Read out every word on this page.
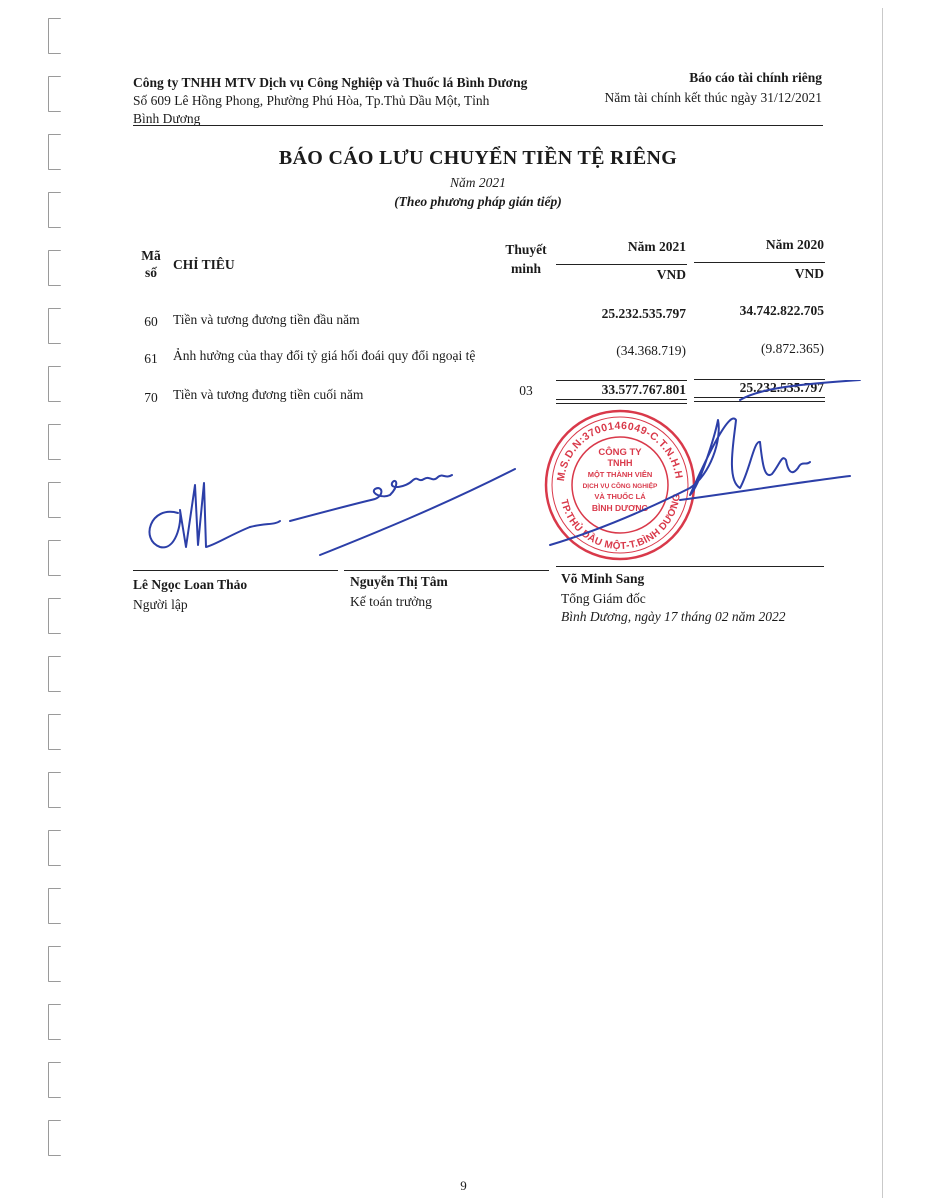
Công ty TNHH MTV Dịch vụ Công Nghiệp và Thuốc lá Bình Dương
Số 609 Lê Hồng Phong, Phường Phú Hòa, Tp.Thủ Dầu Một, Tỉnh
Bình Dương
Báo cáo tài chính riêng
Năm tài chính kết thúc ngày 31/12/2021
BÁO CÁO LƯU CHUYỂN TIỀN TỆ RIÊNG
Năm 2021
(Theo phương pháp gián tiếp)
Mã
số
CHỈ TIÊU
Thuyết
minh
Năm 2021	Năm 2020
VND	VND
60	Tiền và tương đương tiền đầu năm	25.232.535.797	34.742.822.705
61	Ảnh hưởng của thay đổi tỷ giá hối đoái quy đổi ngoại tệ	(34.368.719)	(9.872.365)
70	Tiền và tương đương tiền cuối năm	03	33.577.767.801	25.232.535.797
M.S.D.N:3700146049-C.T.N.H.H
TP.THỦ DẦU MỘT-T.BÌNH DƯƠNG
CÔNG TY
TNHH
MỘT THÀNH VIÊN
DỊCH VỤ CÔNG NGHIỆP
VÀ THUỐC LÁ
BÌNH DƯƠNG
Lê Ngọc Loan Thảo
Người lập
Nguyễn Thị Tâm
Kế toán trưởng
Võ Minh Sang
Tổng Giám đốc
Bình Dương, ngày 17 tháng 02 năm 2022
9
